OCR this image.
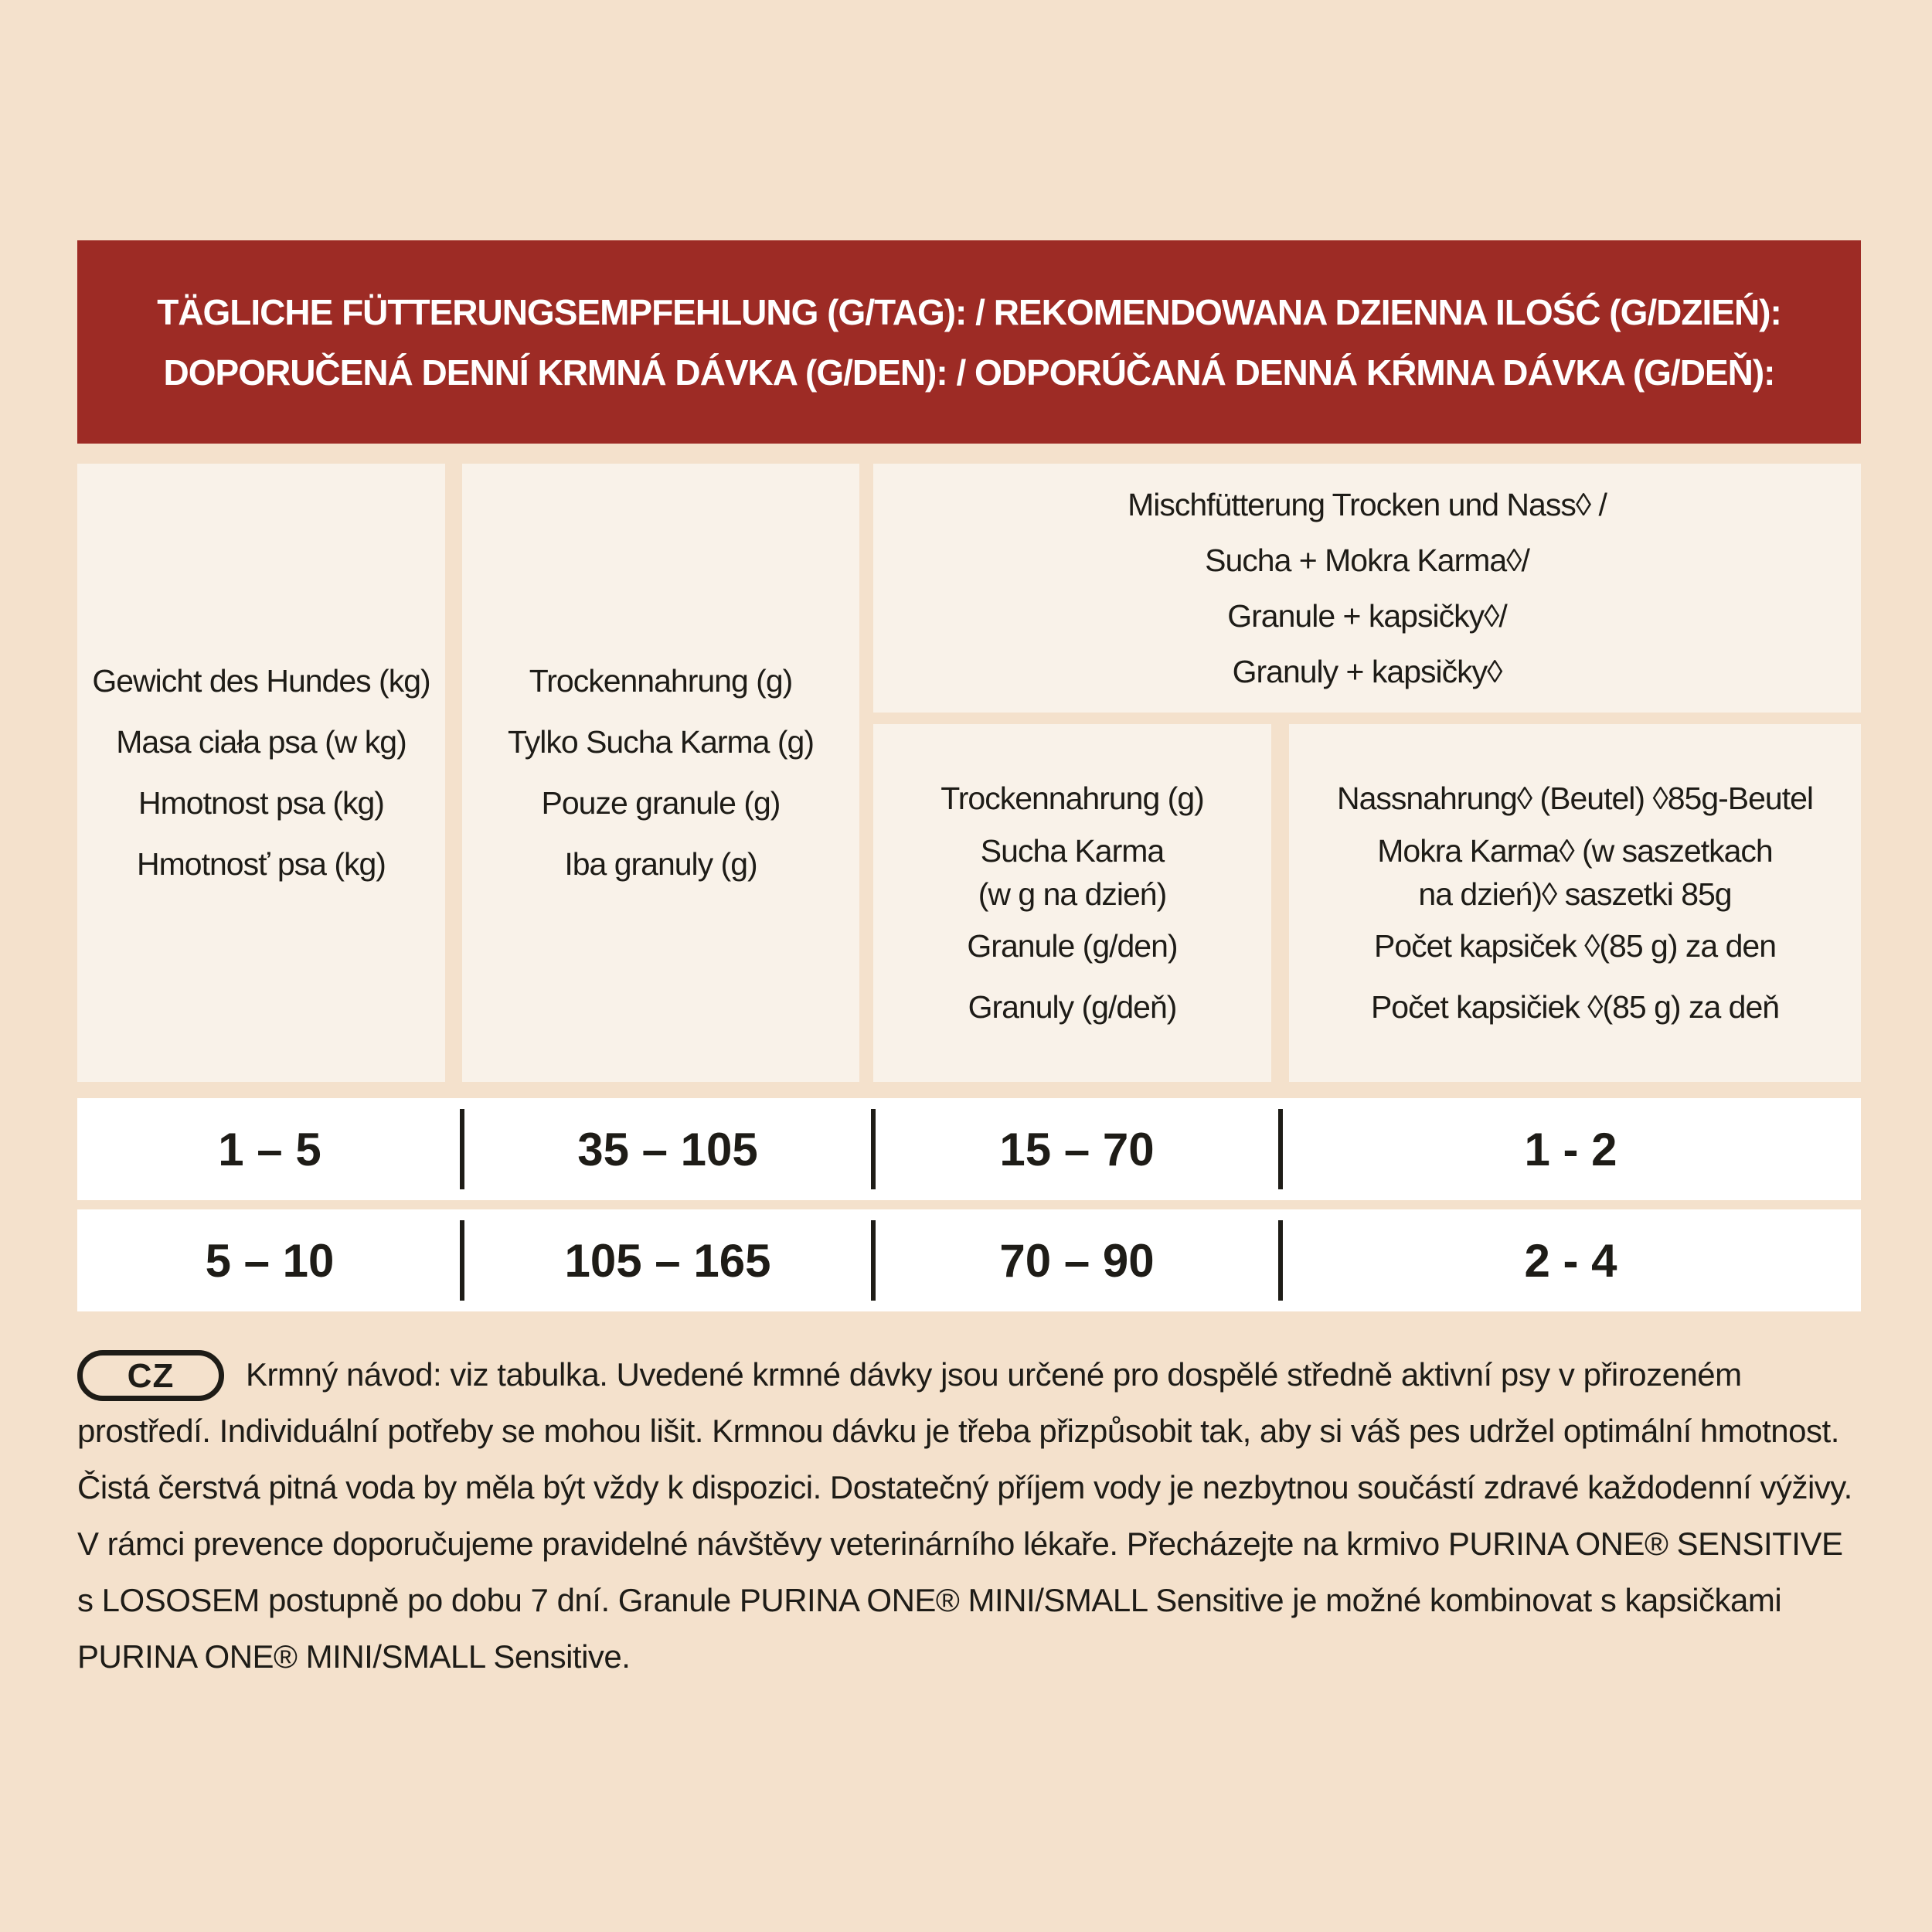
TÄGLICHE FÜTTERUNGSEMPFEHLUNG (G/TAG): / REKOMENDOWANA DZIENNA ILOŚĆ (G/DZIEŃ):
DOPORUČENÁ DENNÍ KRMNÁ DÁVKA (G/DEN): / ODPORÚČANÁ DENNÁ KŔMNA DÁVKA (G/DEŇ):
Gewicht des Hundes (kg)
Masa ciała psa (w kg)
Hmotnost psa (kg)
Hmotnosť psa (kg)
Trockennahrung (g)
Tylko Sucha Karma (g)
Pouze granule (g)
Iba granuly (g)
Mischfütterung Trocken und Nass◊ /
Sucha + Mokra Karma◊/
Granule + kapsičky◊/
Granuly + kapsičky◊
Trockennahrung (g)
Sucha Karma
(w g na dzień)
Granule (g/den)
Granuly (g/deň)
Nassnahrung◊ (Beutel) ◊85g-Beutel
Mokra Karma◊ (w saszetkach
na dzień)◊ saszetki 85g
Počet kapsiček ◊(85 g) za den
Počet kapsičiek ◊(85 g) za deň
1 – 5	35 – 105	15 – 70	1 - 2
5 – 10	105 – 165	70 – 90	2 - 4
CZ	Krmný návod: viz tabulka. Uvedené krmné dávky jsou určené pro dospělé středně aktivní psy v přirozeném prostředí. Individuální potřeby se mohou lišit. Krmnou dávku je třeba přizpůsobit tak, aby si váš pes udržel optimální hmotnost. Čistá čerstvá pitná voda by měla být vždy k dispozici. Dostatečný příjem vody je nezbytnou součástí zdravé každodenní výživy. V rámci prevence doporučujeme pravidelné návštěvy veterinárního lékaře. Přecházejte na krmivo PURINA ONE® SENSITIVE s LOSOSEM postupně po dobu 7 dní. Granule PURINA ONE® MINI/SMALL Sensitive je možné kombinovat s kapsičkami PURINA ONE® MINI/SMALL Sensitive.
